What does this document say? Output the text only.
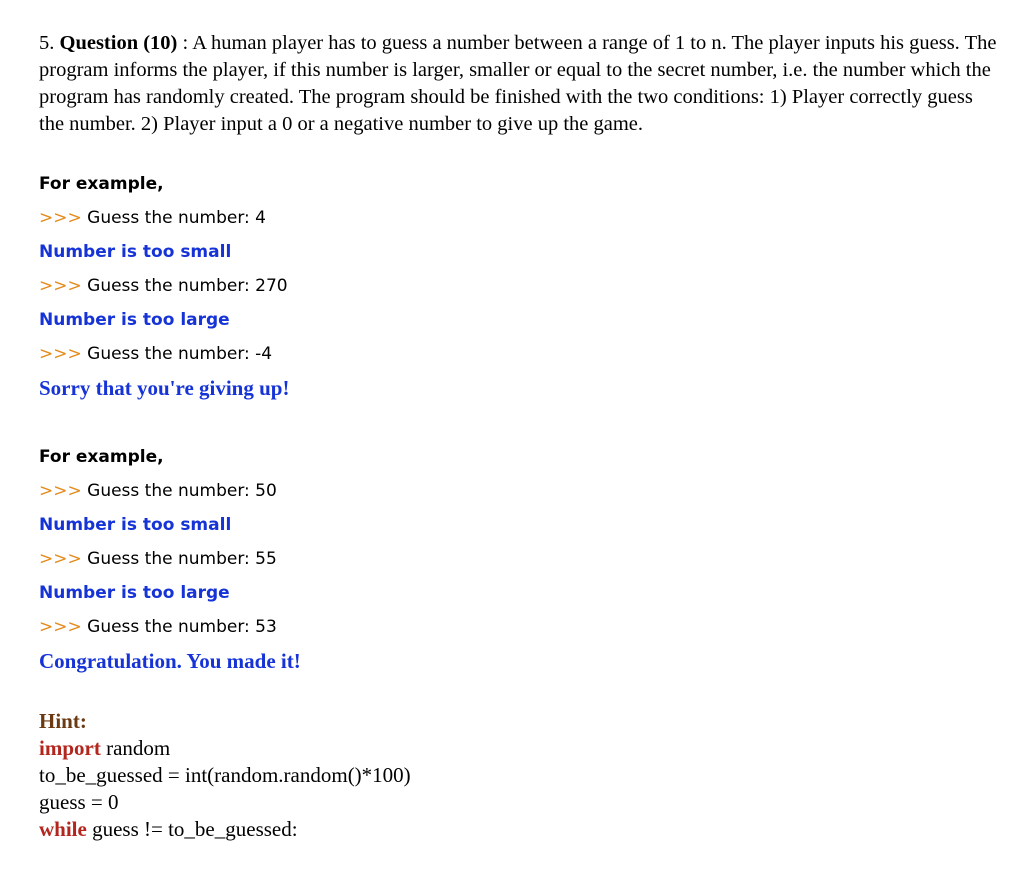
5. Question (10) : A human player has to guess a number between a range of 1 to n. The player inputs his guess. The program informs the player, if this number is larger, smaller or equal to the secret number, i.e. the number which the program has randomly created. The program should be finished with the two conditions: 1) Player correctly guess the number. 2) Player input a 0 or a negative number to give up the game.

For example,
>>> Guess the number: 4
Number is too small
>>> Guess the number: 270
Number is too large
>>> Guess the number: -4
Sorry that you're giving up!
For example,
>>> Guess the number: 50
Number is too small
>>> Guess the number: 55
Number is too large
>>> Guess the number: 53
Congratulation. You made it!
Hint:
import random
to_be_guessed = int(random.random()*100)
guess = 0
while guess != to_be_guessed:
